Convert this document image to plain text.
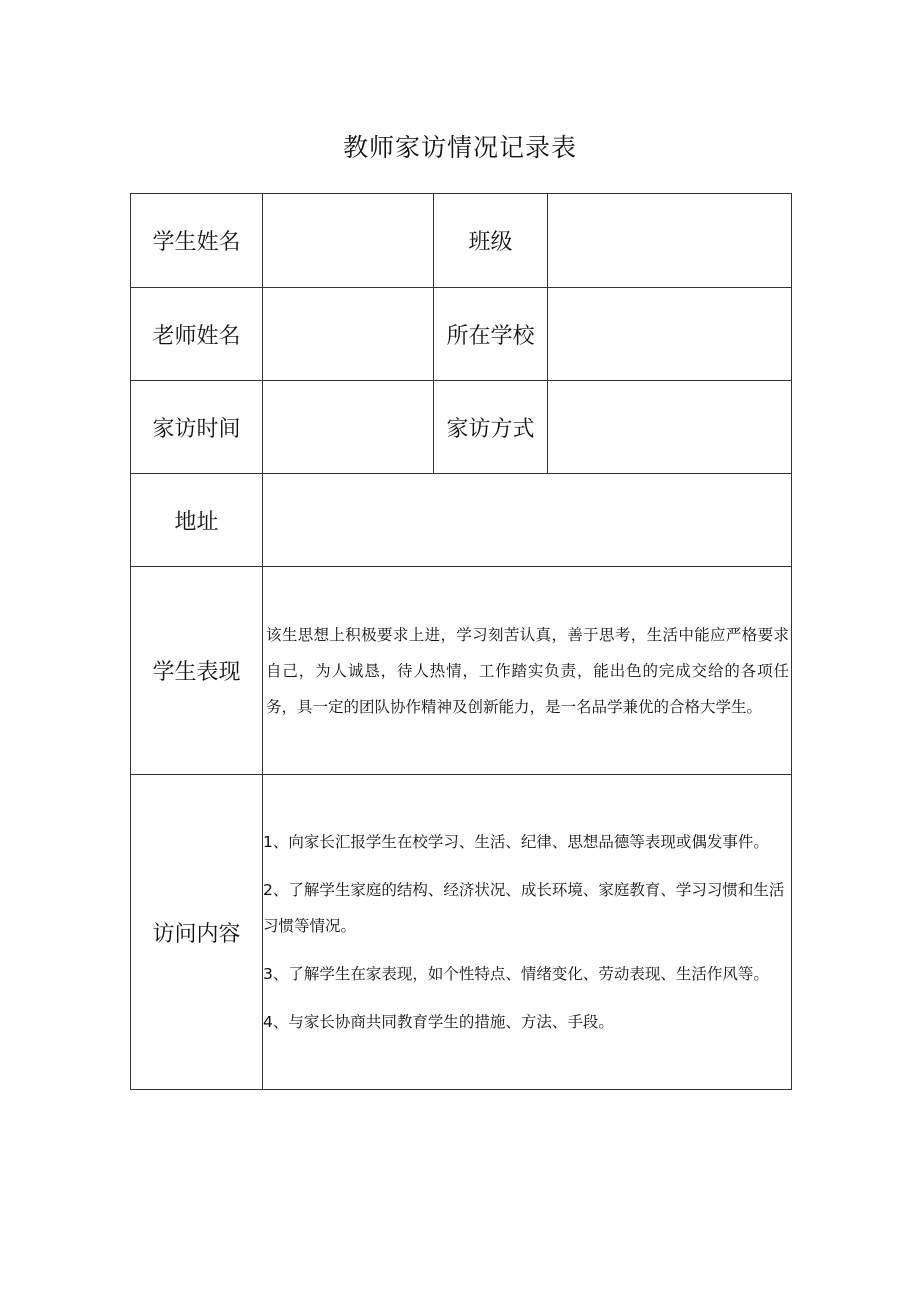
教师家访情况记录表
学生姓名		班级	
老师姓名		所在学校	
家访时间		家访方式	
地址			
学生表现	该生思想上积极要求上进，学习刻苦认真，善于思考，生活中能应严格要求自己，为人诚恳，待人热情，工作踏实负责，能出色的完成交给的各项任务，具一定的团队协作精神及创新能力，是一名品学兼优的合格大学生。		

访问内容	1、向家长汇报学生在校学习、生活、纪律、思想品德等表现或偶发事件。

2、了解学生家庭的结构、经济状况、成长环境、家庭教育、学习习惯和生活习惯等情况。

3、了解学生在家表现，如个性特点、情绪变化、劳动表现、生活作风等。

4、与家长协商共同教育学生的措施、方法、手段。		
